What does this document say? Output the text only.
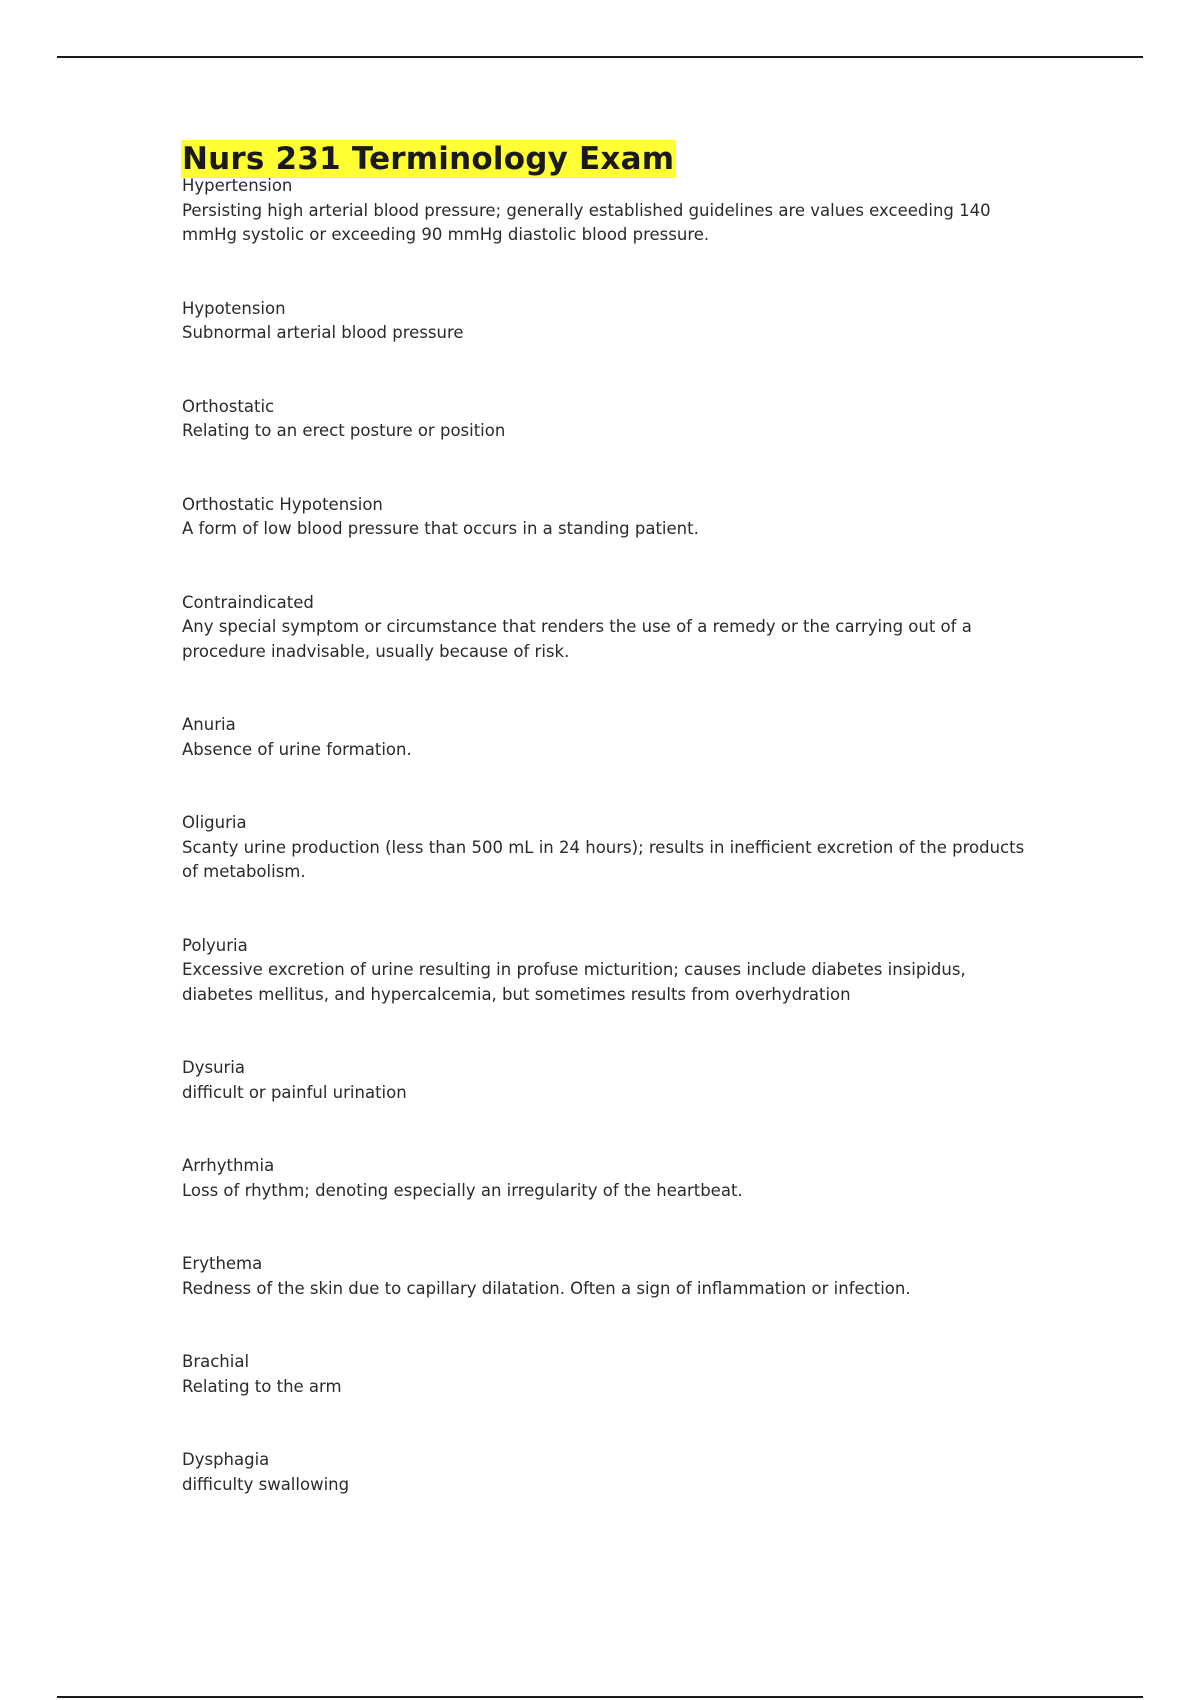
Nurs 231 Terminology Exam
Hypertension
Persisting high arterial blood pressure; generally established guidelines are values exceeding 140 mmHg systolic or exceeding 90 mmHg diastolic blood pressure.
Hypotension
Subnormal arterial blood pressure
Orthostatic
Relating to an erect posture or position
Orthostatic Hypotension
A form of low blood pressure that occurs in a standing patient.
Contraindicated
Any special symptom or circumstance that renders the use of a remedy or the carrying out of a procedure inadvisable, usually because of risk.
Anuria
Absence of urine formation.
Oliguria
Scanty urine production (less than 500 mL in 24 hours); results in inefficient excretion of the products of metabolism.
Polyuria
Excessive excretion of urine resulting in profuse micturition; causes include diabetes insipidus, diabetes mellitus, and hypercalcemia, but sometimes results from overhydration
Dysuria
difficult or painful urination
Arrhythmia
Loss of rhythm; denoting especially an irregularity of the heartbeat.
Erythema
Redness of the skin due to capillary dilatation. Often a sign of inflammation or infection.
Brachial
Relating to the arm
Dysphagia
difficulty swallowing
